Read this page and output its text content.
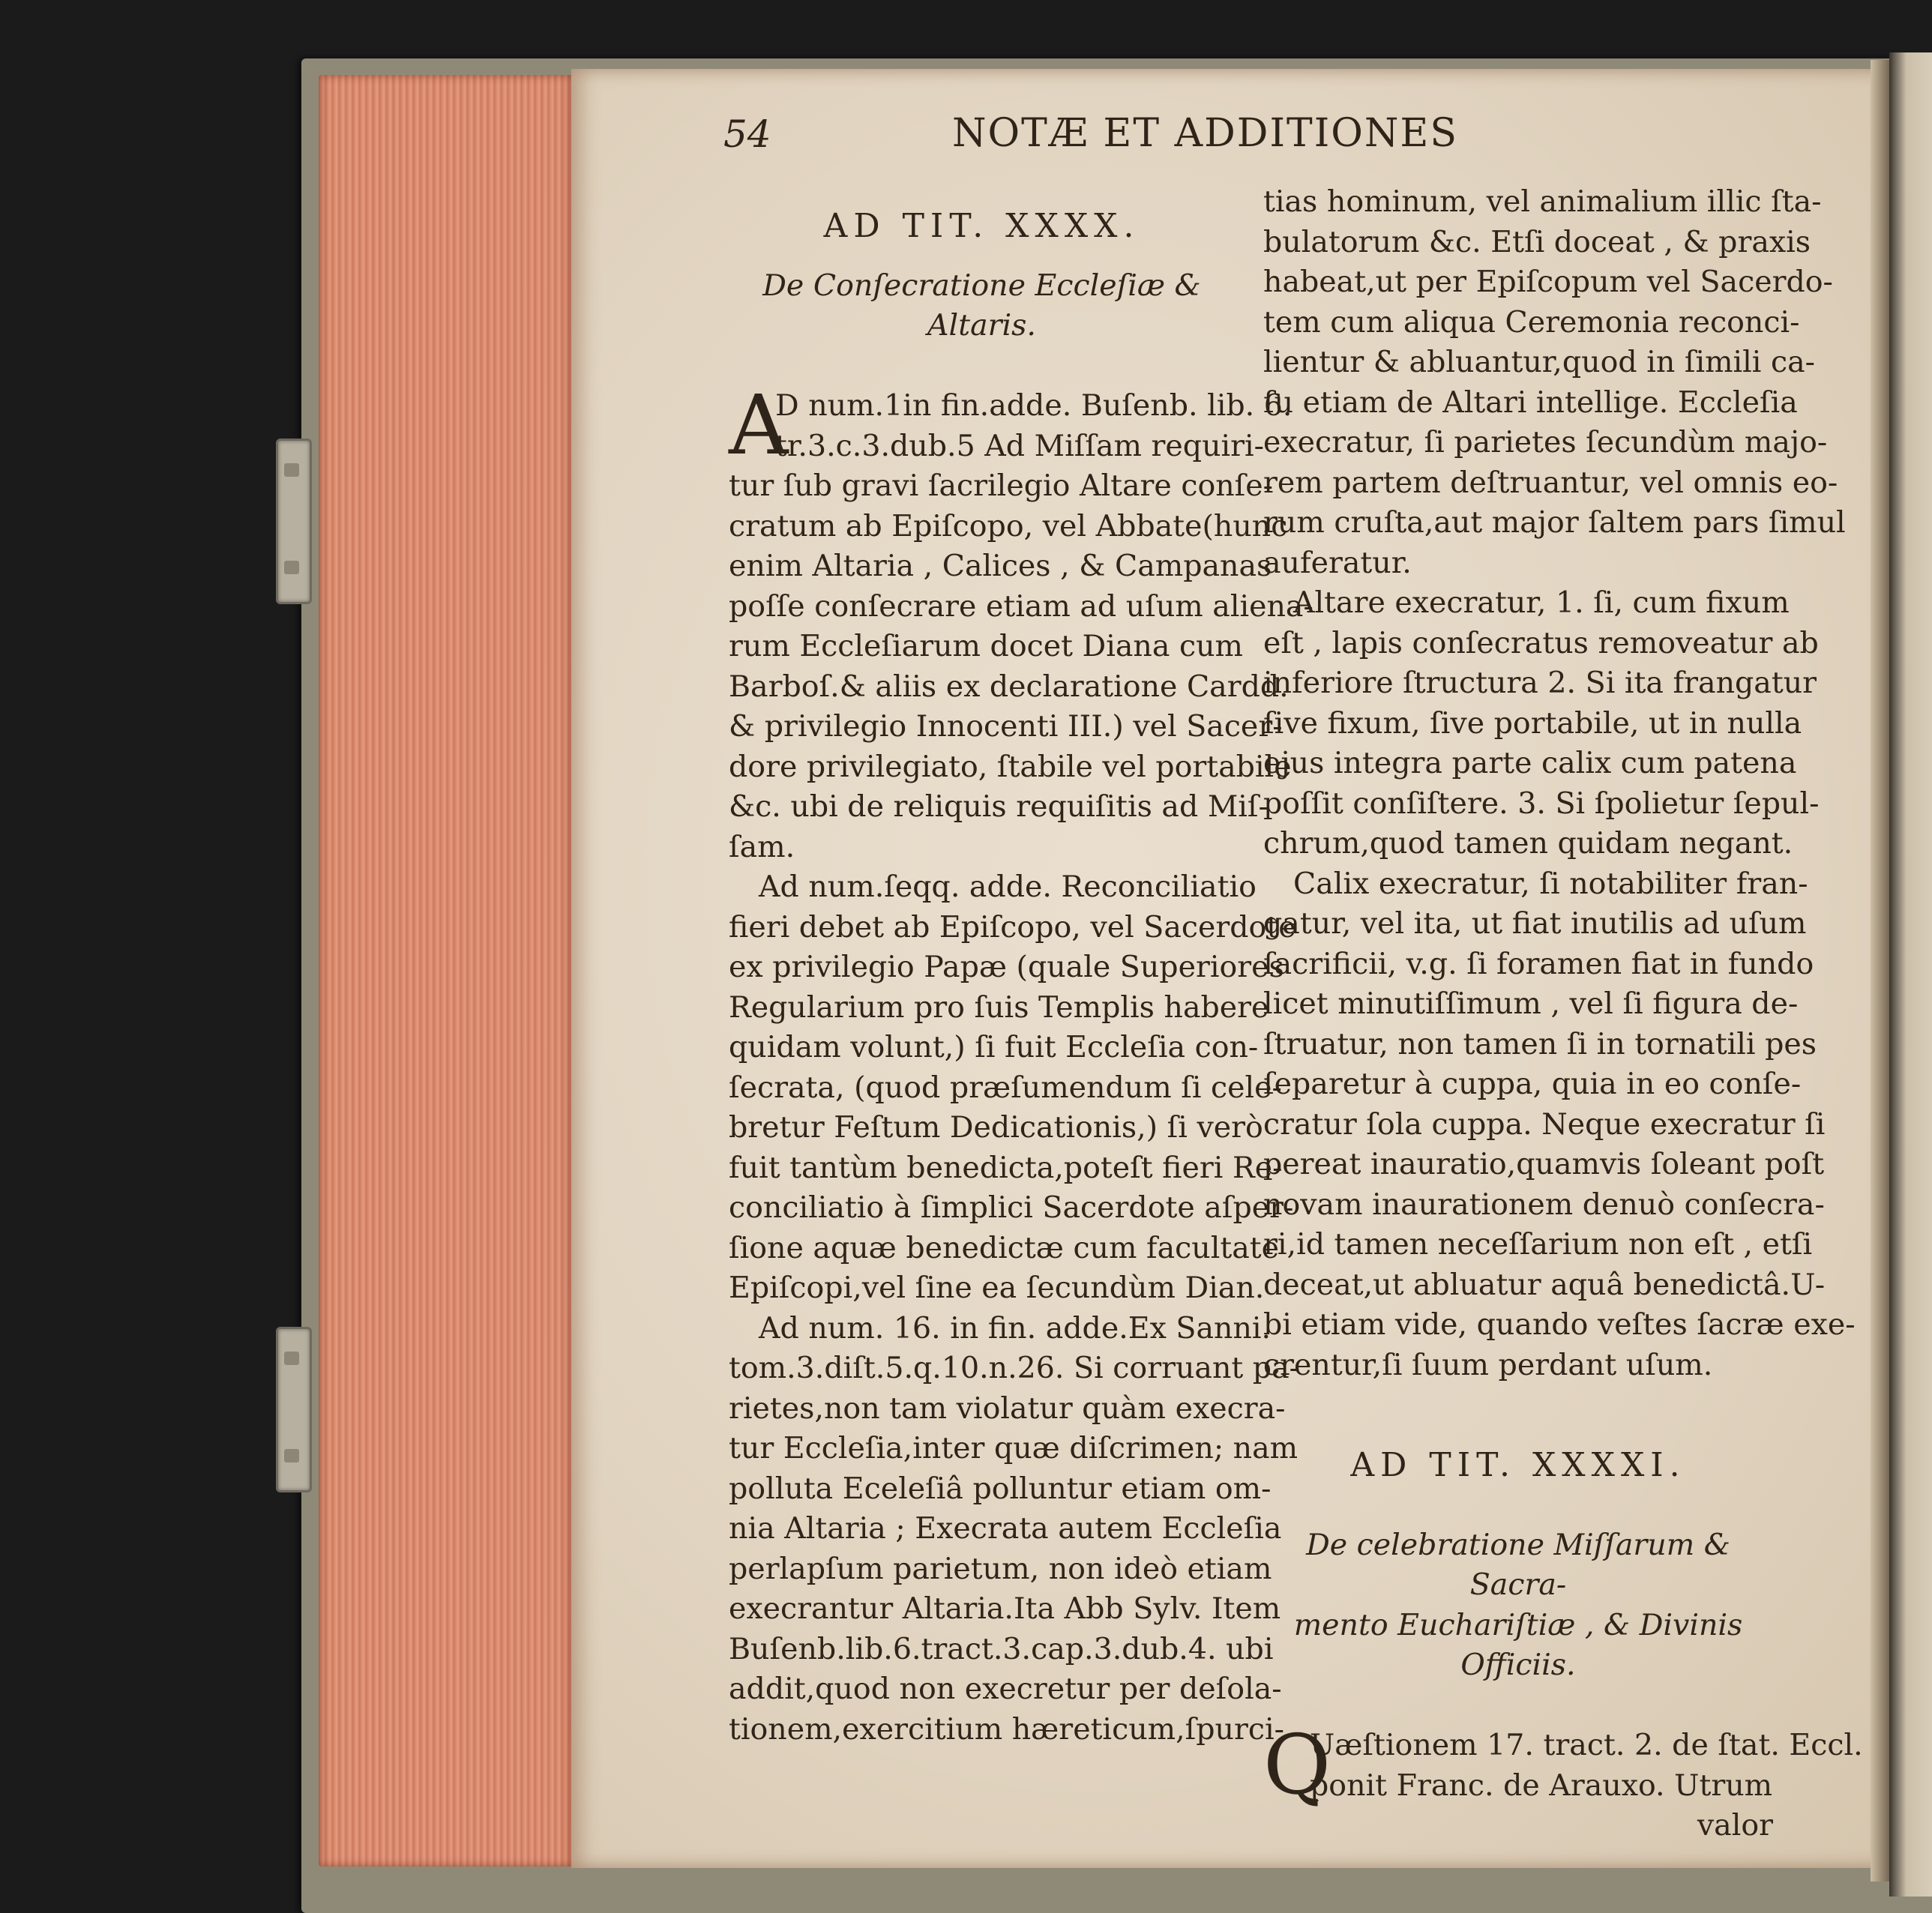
54	NOTÆ ET ADDITIONES
AD TIT. XXXX.
De Conſecratione Eccleſiæ &
Altaris.
A
D num.1in fin.adde. Buſenb. lib. 6.
tr.3.c.3.dub.5 Ad Miſſam requiri-
tur ſub gravi ſacrilegio Altare conſe-
cratum ab Epiſcopo, vel Abbate(hunc
enim Altaria , Calices , & Campanas
poſſe conſecrare etiam ad uſum aliena-
rum Eccleſiarum docet Diana cum
Barboſ.& aliis ex declaratione Cardd.
& privilegio Innocenti III.) vel Sacer-
dore privilegiato, ſtabile vel portabile
&c. ubi de reliquis requiſitis ad Miſ-
ſam.
Ad num.ſeqq. adde. Reconciliatio
fieri debet ab Epiſcopo, vel Sacerdote
ex privilegio Papæ (quale Superiores
Regularium pro ſuis Templis habere
quidam volunt,) ſi fuit Eccleſia con-
ſecrata, (quod præſumendum ſi cele-
bretur Feſtum Dedicationis,) ſi verò
fuit tantùm benedicta,poteſt fieri Re-
conciliatio à ſimplici Sacerdote aſper-
ſione aquæ benedictæ cum facultate
Epiſcopi,vel ſine ea ſecundùm Dian.
Ad num. 16. in fin. adde.Ex Sanni.
tom.3.diſt.5.q.10.n.26. Si corruant pa-
rietes,non tam violatur quàm execra-
tur Eccleſia,inter quæ diſcrimen; nam
polluta Eceleſiâ polluntur etiam om-
nia Altaria ; Execrata autem Eccleſia
perlapſum parietum, non ideò etiam
execrantur Altaria.Ita Abb Sylv. Item
Buſenb.lib.6.tract.3.cap.3.dub.4. ubi
addit,quod non execretur per deſola-
tionem,exercitium hæreticum,ſpurci-
tias hominum, vel animalium illic ſta-
bulatorum &c. Etſi doceat , & praxis
habeat,ut per Epiſcopum vel Sacerdo-
tem cum aliqua Ceremonia reconci-
lientur & abluantur,quod in ſimili ca-
ſu etiam de Altari intellige. Eccleſia
execratur, ſi parietes ſecundùm majo-
rem partem deſtruantur, vel omnis eo-
rum cruſta,aut major ſaltem pars ſimul
auferatur.
Altare execratur, 1. ſi, cum fixum
eſt , lapis conſecratus removeatur ab
inferiore ſtructura 2. Si ita frangatur
ſive fixum, ſive portabile, ut in nulla
ejus integra parte calix cum patena
poſſit conſiſtere. 3. Si ſpolietur ſepul-
chrum,quod tamen quidam negant.
Calix execratur, ſi notabiliter fran-
gatur, vel ita, ut fiat inutilis ad uſum
ſacrificii, v.g. ſi foramen fiat in fundo
licet minutiſſimum , vel ſi figura de-
ſtruatur, non tamen ſi in tornatili pes
ſeparetur à cuppa, quia in eo conſe-
cratur ſola cuppa. Neque execratur ſi
pereat inauratio,quamvis ſoleant poſt
novam inaurationem denuò conſecra-
ri,id tamen neceſſarium non eſt , etſi
deceat,ut abluatur aquâ benedictâ.U-
bi etiam vide, quando veſtes ſacræ exe-
crentur,ſi ſuum perdant uſum.
AD TIT. XXXXI.
De celebratione Miſſarum & Sacra-
mento Euchariſtiæ , & Divinis
Officiis.
Q
Uæſtionem 17. tract. 2. de ſtat. Eccl.
ponit Franc. de Arauxo. Utrum
valor
